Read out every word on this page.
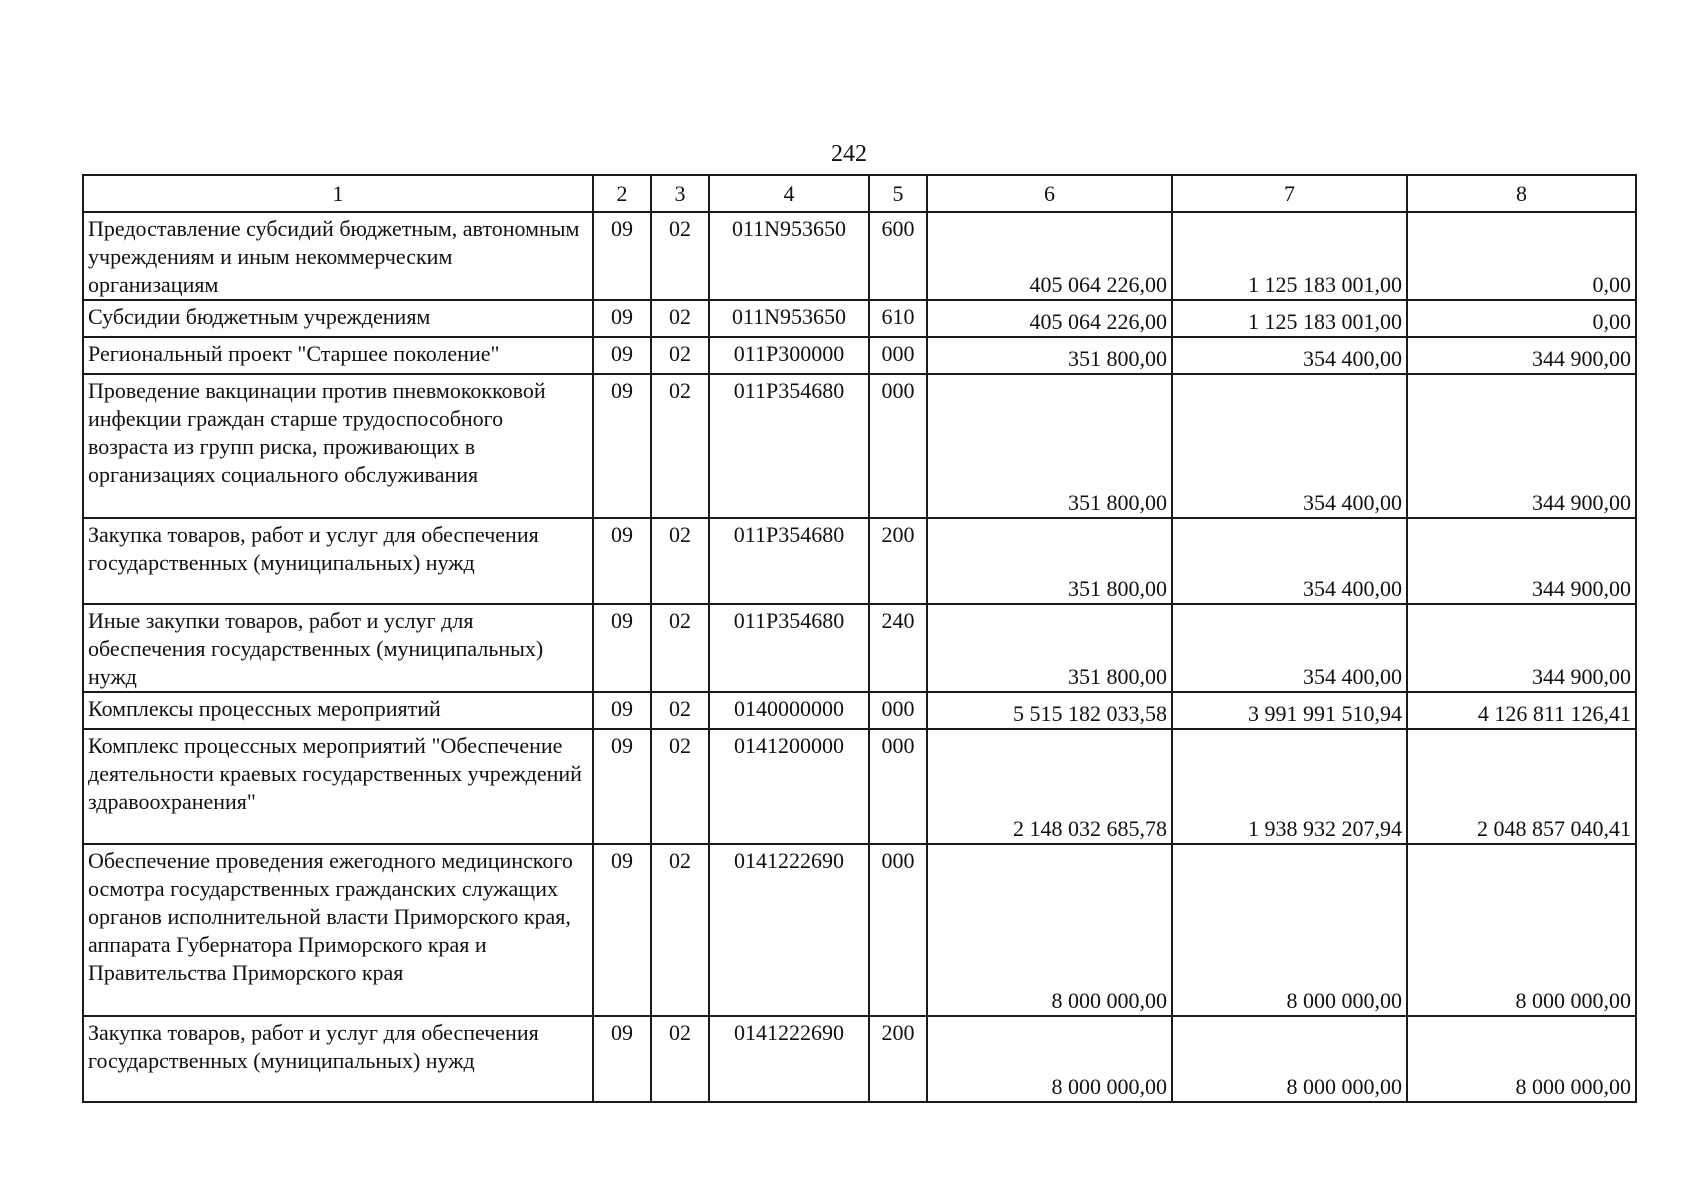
242
1	2	3	4	5	6	7	8
Предоставление субсидий бюджетным, автономным учреждениям и иным некоммерческим организациям	09	02	011N953650	600	405 064 226,00	1 125 183 001,00	0,00
Субсидии бюджетным учреждениям	09	02	011N953650	610	405 064 226,00	1 125 183 001,00	0,00
Региональный проект "Старшее поколение"	09	02	011P300000	000	351 800,00	354 400,00	344 900,00
Проведение вакцинации против пневмококковой инфекции граждан старше трудоспособного возраста из групп риска, проживающих в организациях социального обслуживания	09	02	011P354680	000	351 800,00	354 400,00	344 900,00
Закупка товаров, работ и услуг для обеспечения государственных (муниципальных) нужд	09	02	011P354680	200	351 800,00	354 400,00	344 900,00
Иные закупки товаров, работ и услуг для обеспечения государственных (муниципальных) нужд	09	02	011P354680	240	351 800,00	354 400,00	344 900,00
Комплексы процессных мероприятий	09	02	0140000000	000	5 515 182 033,58	3 991 991 510,94	4 126 811 126,41
Комплекс процессных мероприятий "Обеспечение деятельности краевых государственных учреждений здравоохранения"	09	02	0141200000	000	2 148 032 685,78	1 938 932 207,94	2 048 857 040,41
Обеспечение проведения ежегодного медицинского осмотра государственных гражданских служащих органов исполнительной власти Приморского края, аппарата Губернатора Приморского края и Правительства Приморского края	09	02	0141222690	000	8 000 000,00	8 000 000,00	8 000 000,00
Закупка товаров, работ и услуг для обеспечения государственных (муниципальных) нужд	09	02	0141222690	200	8 000 000,00	8 000 000,00	8 000 000,00
